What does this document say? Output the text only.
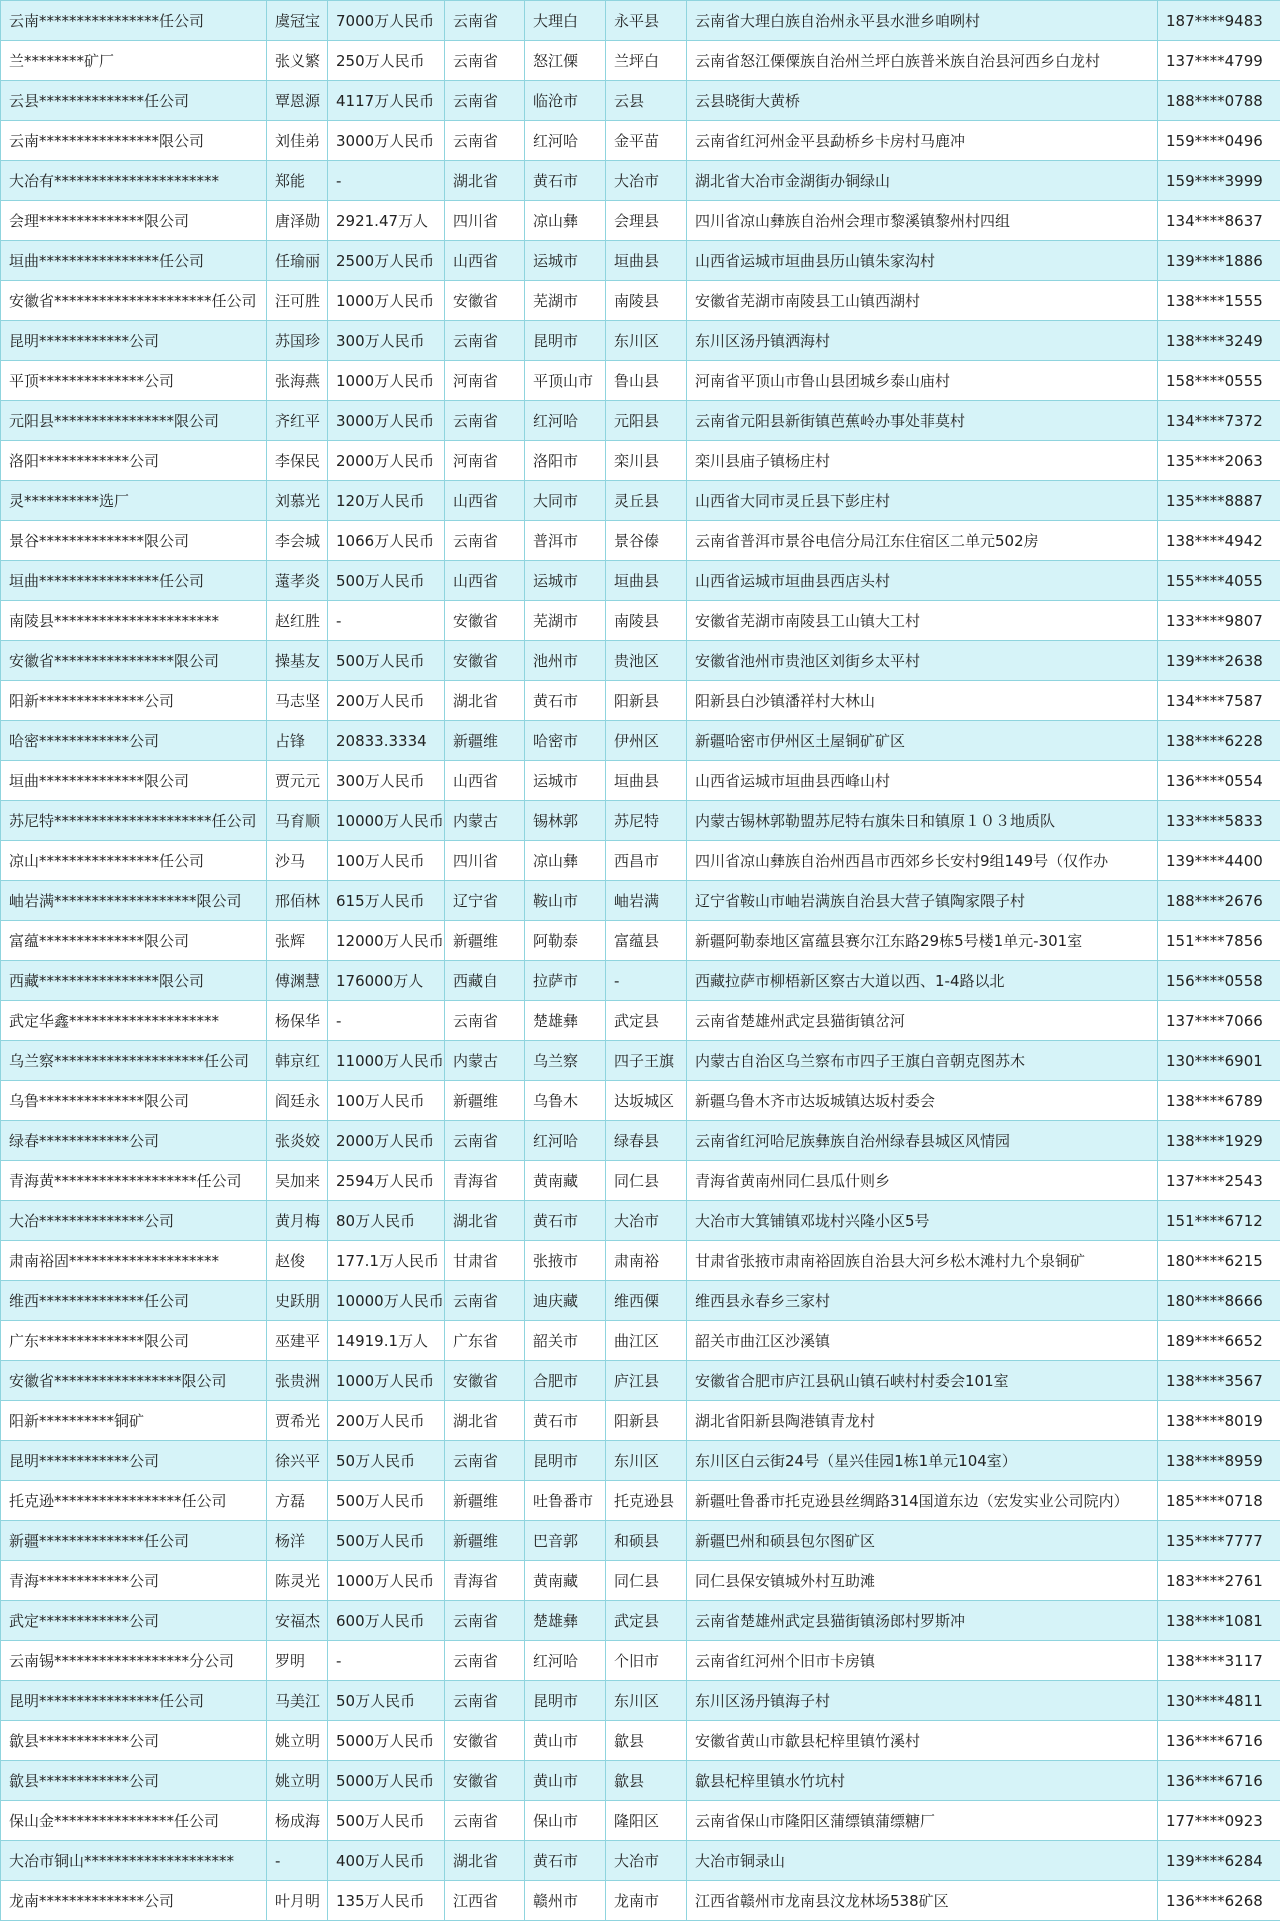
云南****************任公司	虞冠宝	7000万人民币	云南省	大理白	永平县	云南省大理白族自治州永平县水泄乡咱咧村	187****9483
兰********矿厂	张义繁	250万人民币	云南省	怒江傈	兰坪白	云南省怒江傈僳族自治州兰坪白族普米族自治县河西乡白龙村	137****4799
云县**************任公司	覃恩源	4117万人民币	云南省	临沧市	云县	云县晓街大黄桥	188****0788
云南****************限公司	刘佳弟	3000万人民币	云南省	红河哈	金平苗	云南省红河州金平县勐桥乡卡房村马鹿冲	159****0496
大冶有**********************	郑能	-	湖北省	黄石市	大冶市	湖北省大冶市金湖街办铜绿山	159****3999
会理**************限公司	唐泽勋	2921.47万人	四川省	凉山彝	会理县	四川省凉山彝族自治州会理市黎溪镇黎州村四组	134****8637
垣曲****************任公司	任瑜丽	2500万人民币	山西省	运城市	垣曲县	山西省运城市垣曲县历山镇朱家沟村	139****1886
安徽省*********************任公司	汪可胜	1000万人民币	安徽省	芜湖市	南陵县	安徽省芜湖市南陵县工山镇西湖村	138****1555
昆明************公司	苏国珍	300万人民币	云南省	昆明市	东川区	东川区汤丹镇洒海村	138****3249
平顶**************公司	张海燕	1000万人民币	河南省	平顶山市	鲁山县	河南省平顶山市鲁山县团城乡泰山庙村	158****0555
元阳县****************限公司	齐红平	3000万人民币	云南省	红河哈	元阳县	云南省元阳县新街镇芭蕉岭办事处菲莫村	134****7372
洛阳************公司	李保民	2000万人民币	河南省	洛阳市	栾川县	栾川县庙子镇杨庄村	135****2063
灵**********选厂	刘慕光	120万人民币	山西省	大同市	灵丘县	山西省大同市灵丘县下彭庄村	135****8887
景谷**************限公司	李会城	1066万人民币	云南省	普洱市	景谷傣	云南省普洱市景谷电信分局江东住宿区二单元502房	138****4942
垣曲****************任公司	薳孝炎	500万人民币	山西省	运城市	垣曲县	山西省运城市垣曲县西店头村	155****4055
南陵县**********************	赵红胜	-	安徽省	芜湖市	南陵县	安徽省芜湖市南陵县工山镇大工村	133****9807
安徽省****************限公司	操基友	500万人民币	安徽省	池州市	贵池区	安徽省池州市贵池区刘街乡太平村	139****2638
阳新**************公司	马志坚	200万人民币	湖北省	黄石市	阳新县	阳新县白沙镇潘祥村大林山	134****7587
哈密************公司	占锋	20833.3334	新疆维	哈密市	伊州区	新疆哈密市伊州区土屋铜矿矿区	138****6228
垣曲**************限公司	贾元元	300万人民币	山西省	运城市	垣曲县	山西省运城市垣曲县西峰山村	136****0554
苏尼特*********************任公司	马育顺	10000万人民币	内蒙古	锡林郭	苏尼特	内蒙古锡林郭勒盟苏尼特右旗朱日和镇原１０３地质队	133****5833
凉山****************任公司	沙马	100万人民币	四川省	凉山彝	西昌市	四川省凉山彝族自治州西昌市西郊乡长安村9组149号（仅作办	139****4400
岫岩满*******************限公司	邢佰林	615万人民币	辽宁省	鞍山市	岫岩满	辽宁省鞍山市岫岩满族自治县大营子镇陶家隈子村	188****2676
富蕴**************限公司	张辉	12000万人民币	新疆维	阿勒泰	富蕴县	新疆阿勒泰地区富蕴县赛尔江东路29栋5号楼1单元-301室	151****7856
西藏****************限公司	傅渊慧	176000万人	西藏自	拉萨市	-	西藏拉萨市柳梧新区察古大道以西、1-4路以北	156****0558
武定华鑫********************	杨保华	-	云南省	楚雄彝	武定县	云南省楚雄州武定县猫街镇岔河	137****7066
乌兰察********************任公司	韩京红	11000万人民币	内蒙古	乌兰察	四子王旗	内蒙古自治区乌兰察布市四子王旗白音朝克图苏木	130****6901
乌鲁**************限公司	阎廷永	100万人民币	新疆维	乌鲁木	达坂城区	新疆乌鲁木齐市达坂城镇达坂村委会	138****6789
绿春************公司	张炎姣	2000万人民币	云南省	红河哈	绿春县	云南省红河哈尼族彝族自治州绿春县城区风情园	138****1929
青海黄*******************任公司	吴加来	2594万人民币	青海省	黄南藏	同仁县	青海省黄南州同仁县瓜什则乡	137****2543
大冶**************公司	黄月梅	80万人民币	湖北省	黄石市	大冶市	大冶市大箕铺镇邓垅村兴隆小区5号	151****6712
肃南裕固********************	赵俊	177.1万人民币	甘肃省	张掖市	肃南裕	甘肃省张掖市肃南裕固族自治县大河乡松木滩村九个泉铜矿	180****6215
维西**************任公司	史跃朋	10000万人民币	云南省	迪庆藏	维西傈	维西县永春乡三家村	180****8666
广东**************限公司	巫建平	14919.1万人	广东省	韶关市	曲江区	韶关市曲江区沙溪镇	189****6652
安徽省*****************限公司	张贵洲	1000万人民币	安徽省	合肥市	庐江县	安徽省合肥市庐江县矾山镇石峡村村委会101室	138****3567
阳新**********铜矿	贾希光	200万人民币	湖北省	黄石市	阳新县	湖北省阳新县陶港镇青龙村	138****8019
昆明************公司	徐兴平	50万人民币	云南省	昆明市	东川区	东川区白云街24号（星兴佳园1栋1单元104室）	138****8959
托克逊*****************任公司	方磊	500万人民币	新疆维	吐鲁番市	托克逊县	新疆吐鲁番市托克逊县丝绸路314国道东边（宏发实业公司院内）	185****0718
新疆**************任公司	杨洋	500万人民币	新疆维	巴音郭	和硕县	新疆巴州和硕县包尔图矿区	135****7777
青海************公司	陈灵光	1000万人民币	青海省	黄南藏	同仁县	同仁县保安镇城外村互助滩	183****2761
武定************公司	安福杰	600万人民币	云南省	楚雄彝	武定县	云南省楚雄州武定县猫街镇汤郎村罗斯冲	138****1081
云南锡******************分公司	罗明	-	云南省	红河哈	个旧市	云南省红河州个旧市卡房镇	138****3117
昆明****************任公司	马美江	50万人民币	云南省	昆明市	东川区	东川区汤丹镇海子村	130****4811
歙县************公司	姚立明	5000万人民币	安徽省	黄山市	歙县	安徽省黄山市歙县杞梓里镇竹溪村	136****6716
歙县************公司	姚立明	5000万人民币	安徽省	黄山市	歙县	歙县杞梓里镇水竹坑村	136****6716
保山金****************任公司	杨成海	500万人民币	云南省	保山市	隆阳区	云南省保山市隆阳区蒲缥镇蒲缥糖厂	177****0923
大冶市铜山********************	-	400万人民币	湖北省	黄石市	大冶市	大冶市铜录山	139****6284
龙南**************公司	叶月明	135万人民币	江西省	赣州市	龙南市	江西省赣州市龙南县汶龙林场538矿区	136****6268
